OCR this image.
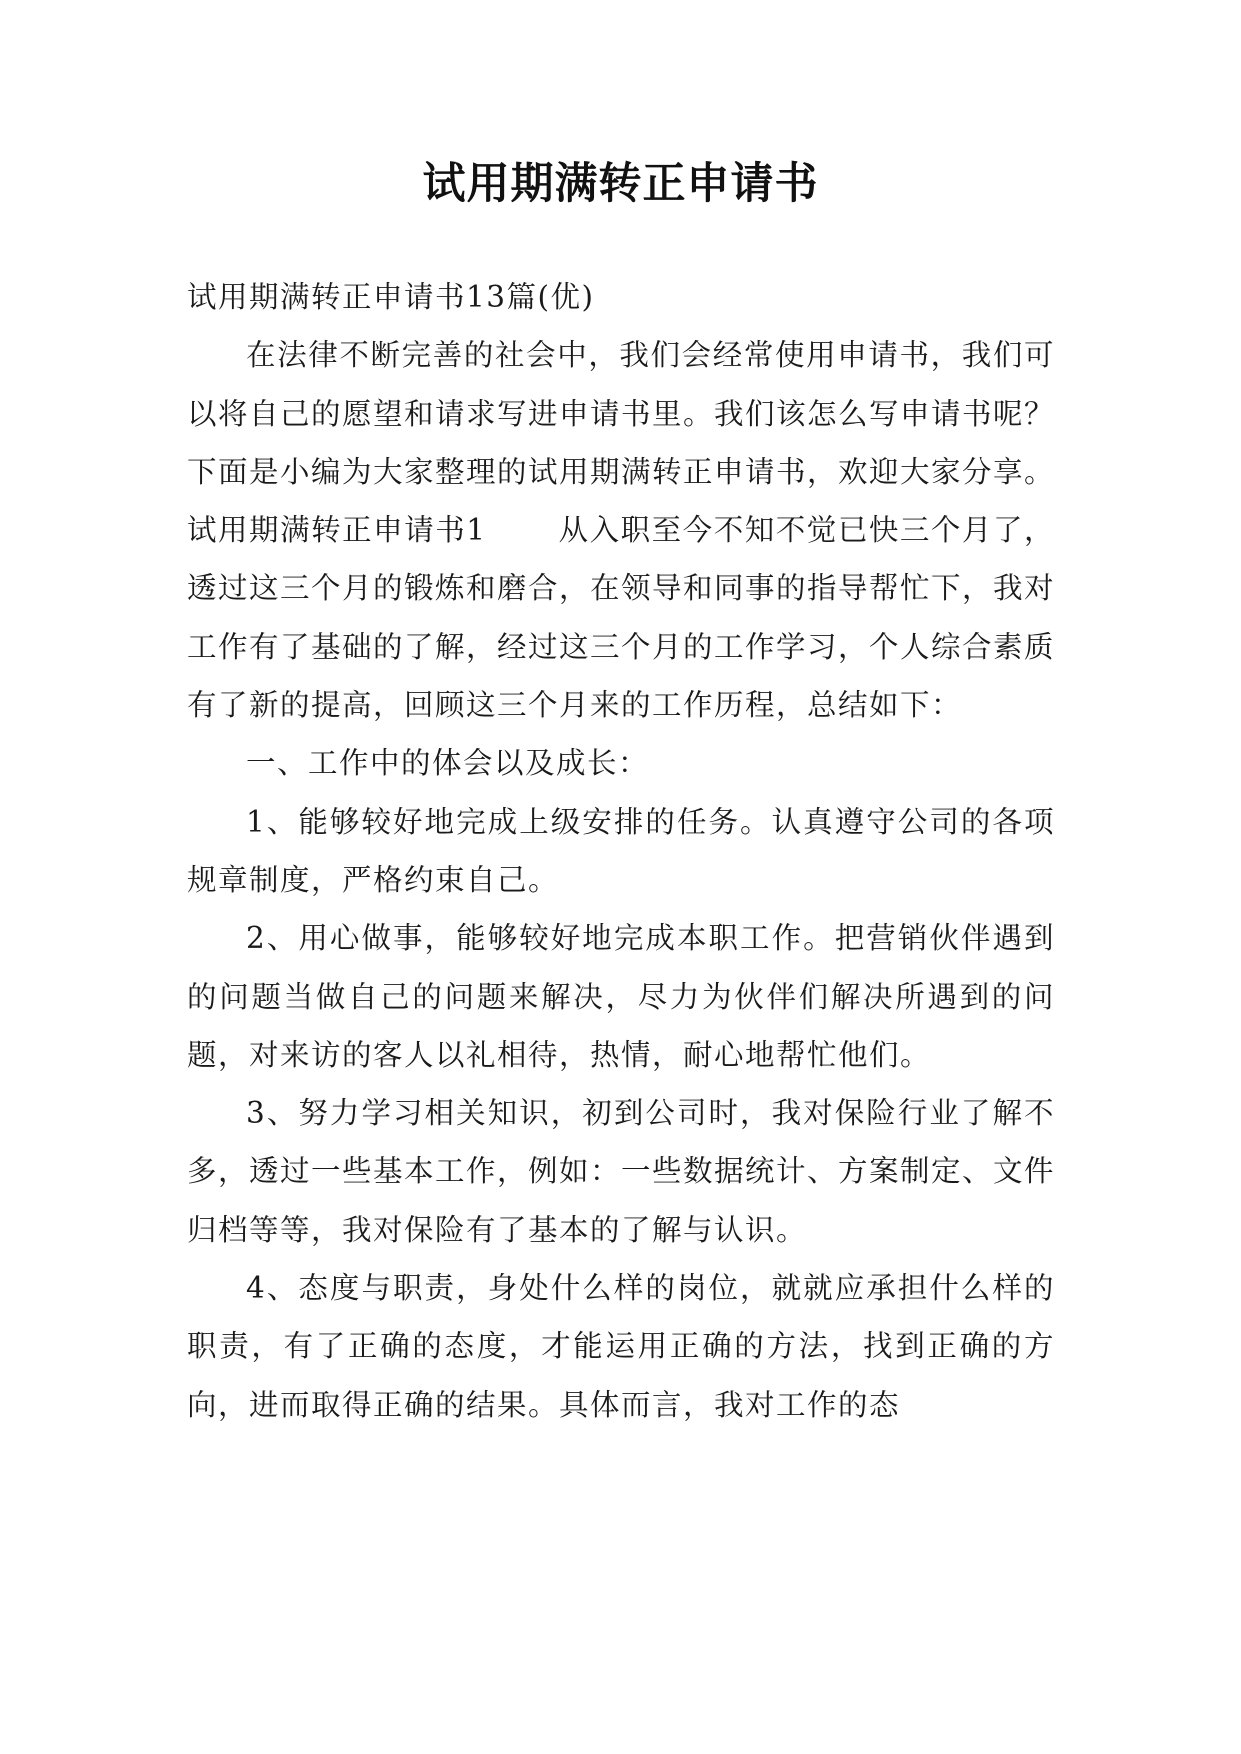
试用期满转正申请书

试用期满转正申请书13篇(优)

在法律不断完善的社会中，我们会经常使用申请书，我们可以将自己的愿望和请求写进申请书里。我们该怎么写申请书呢？下面是小编为大家整理的试用期满转正申请书，欢迎大家分享。

试用期满转正申请书1 从入职至今不知不觉已快三个月了，透过这三个月的锻炼和磨合，在领导和同事的指导帮忙下，我对工作有了基础的了解，经过这三个月的工作学习，个人综合素质有了新的提高，回顾这三个月来的工作历程，总结如下：

一、工作中的体会以及成长：

1、能够较好地完成上级安排的任务。认真遵守公司的各项规章制度，严格约束自己。

2、用心做事，能够较好地完成本职工作。把营销伙伴遇到的问题当做自己的问题来解决，尽力为伙伴们解决所遇到的问题，对来访的客人以礼相待，热情，耐心地帮忙他们。

3、努力学习相关知识，初到公司时，我对保险行业了解不多，透过一些基本工作，例如：一些数据统计、方案制定、文件归档等等，我对保险有了基本的了解与认识。

4、态度与职责，身处什么样的岗位，就就应承担什么样的职责，有了正确的态度，才能运用正确的方法，找到正确的方向，进而取得正确的结果。具体而言，我对工作的态
